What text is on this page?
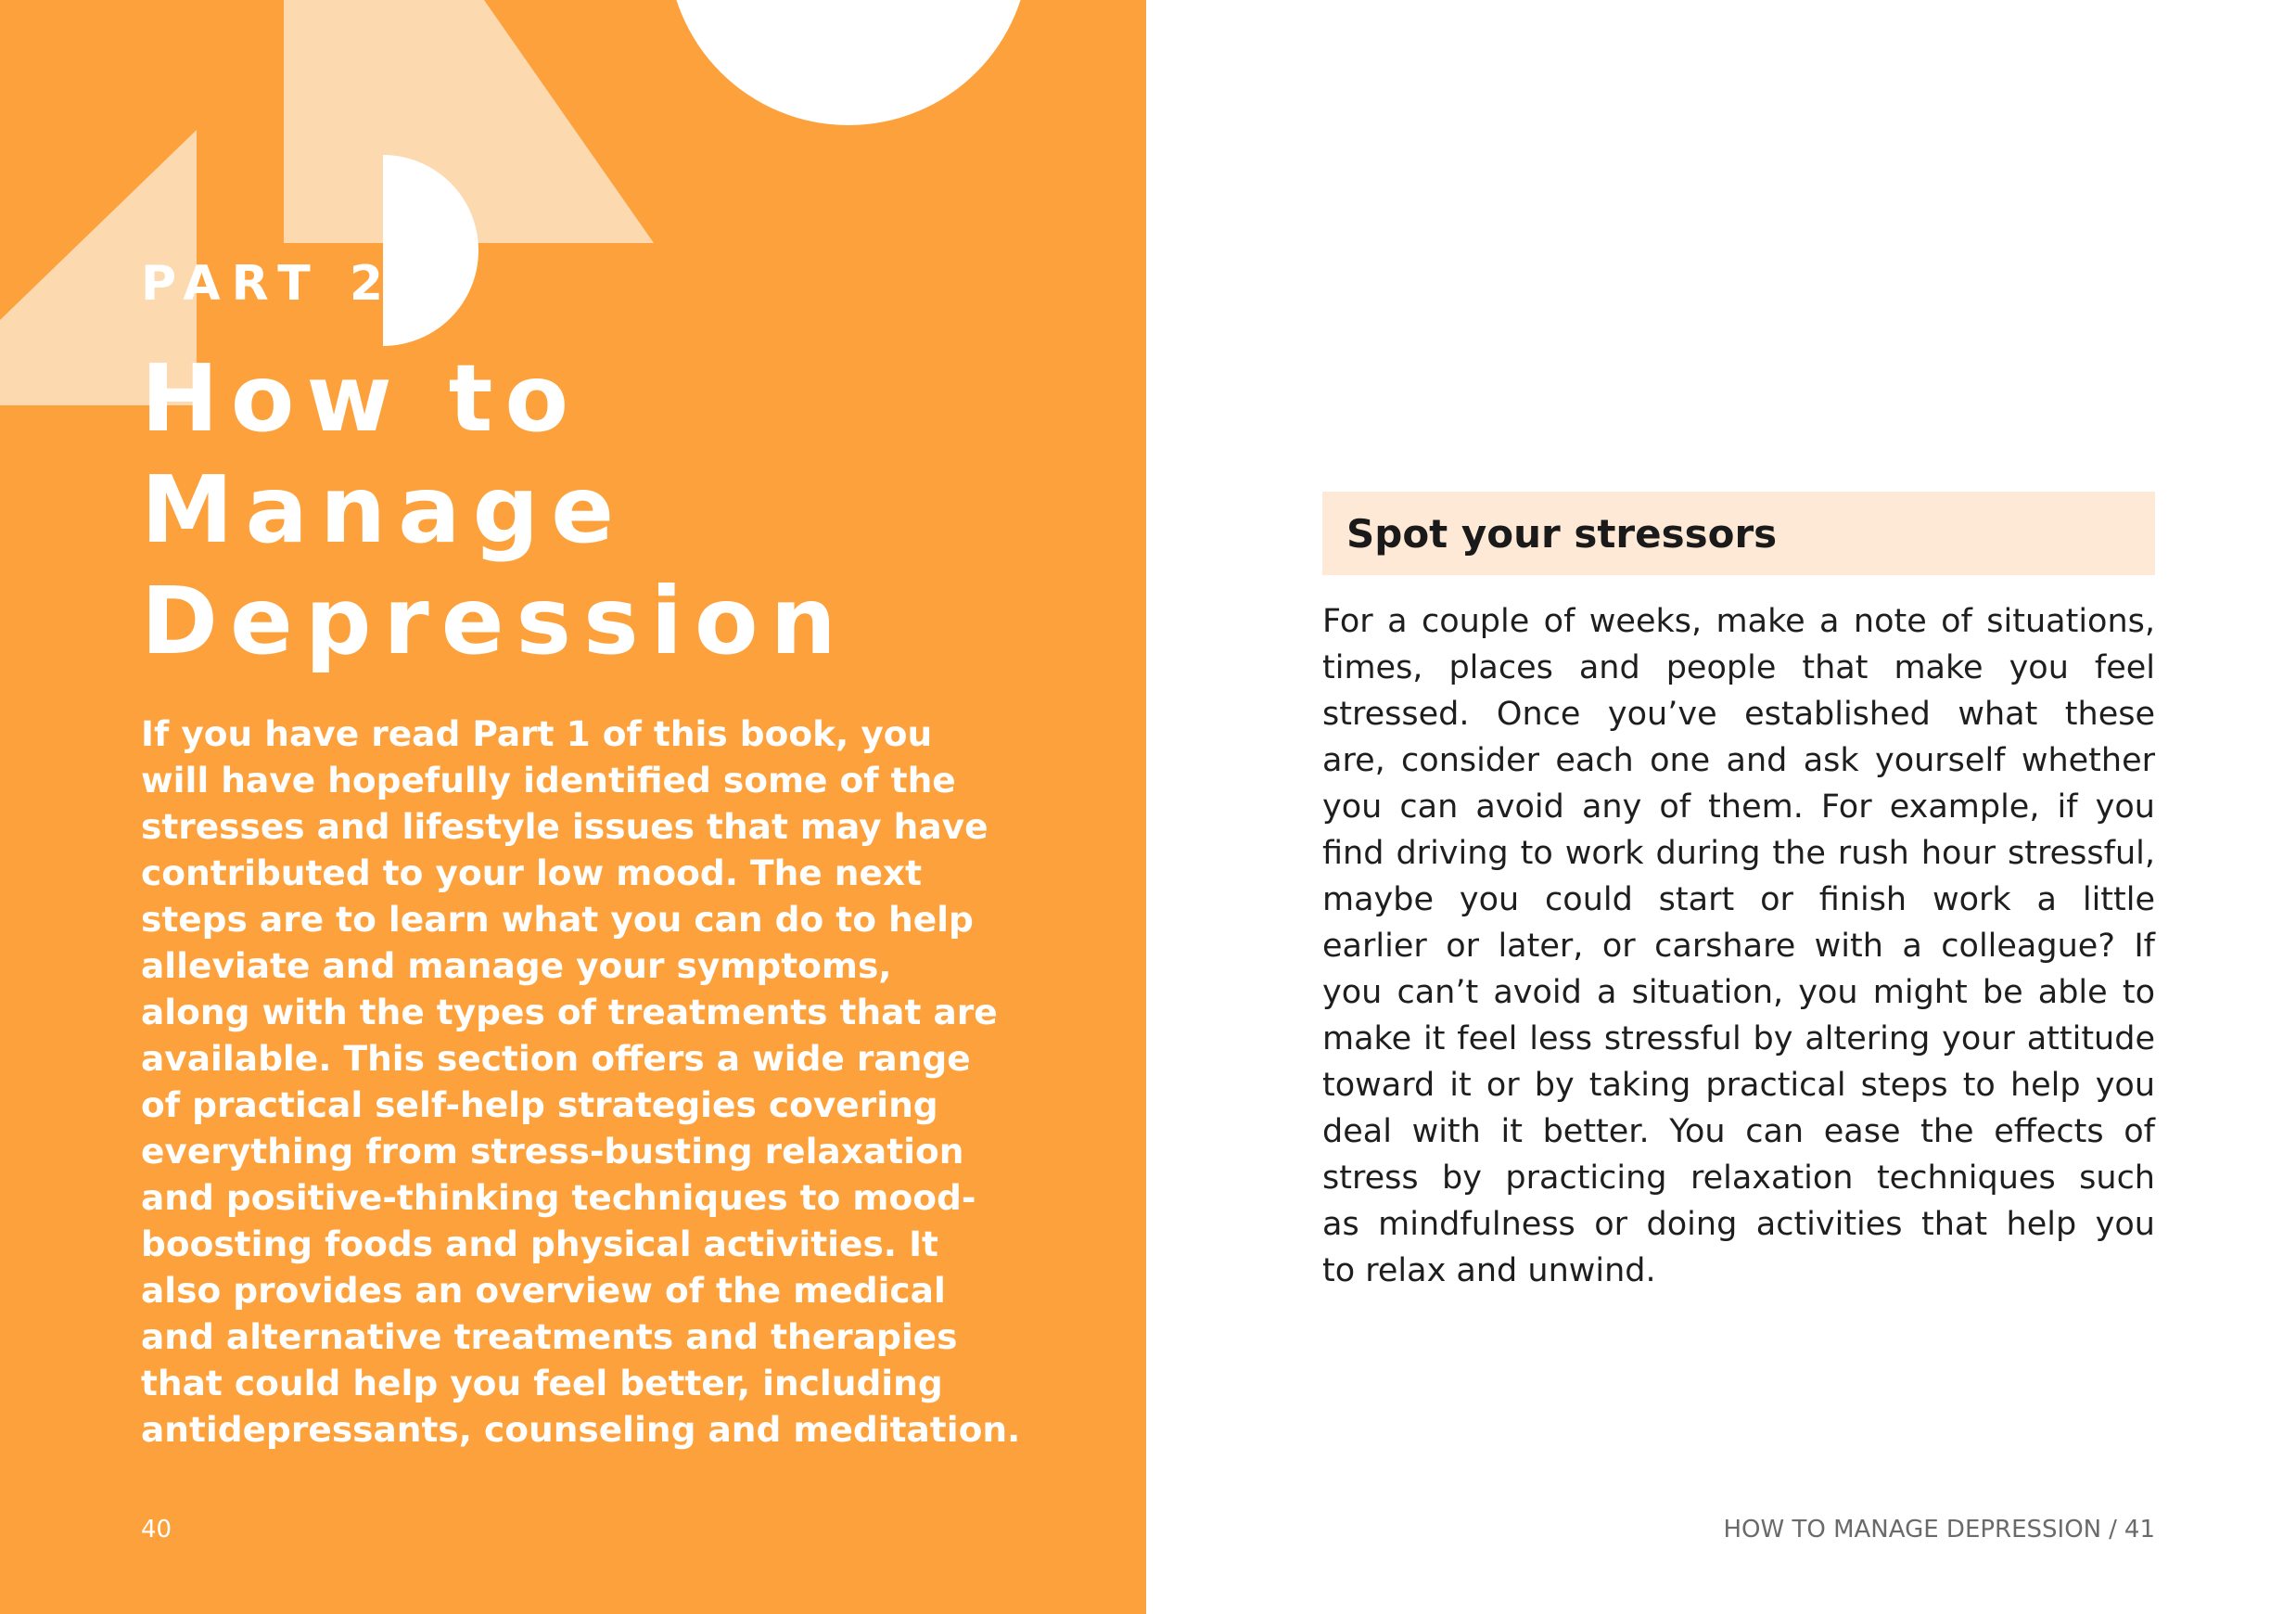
PART 2
How to
Manage
Depression
If you have read Part 1 of this book, you
will have hopefully identified some of the
stresses and lifestyle issues that may have
contributed to your low mood. The next
steps are to learn what you can do to help
alleviate and manage your symptoms,
along with the types of treatments that are
available. This section offers a wide range
of practical self-help strategies covering
everything from stress-busting relaxation
and positive-thinking techniques to mood-
boosting foods and physical activities. It
also provides an overview of the medical
and alternative treatments and therapies
that could help you feel better, including
antidepressants, counseling and meditation.
40
Spot your stressors
For a couple of weeks, make a note of situations,
times, places and people that make you feel
stressed. Once you’ve established what these
are, consider each one and ask yourself whether
you can avoid any of them. For example, if you
find driving to work during the rush hour stressful,
maybe you could start or finish work a little
earlier or later, or carshare with a colleague? If
you can’t avoid a situation, you might be able to
make it feel less stressful by altering your attitude
toward it or by taking practical steps to help you
deal with it better. You can ease the effects of
stress by practicing relaxation techniques such
as mindfulness or doing activities that help you
to relax and unwind.
HOW TO MANAGE DEPRESSION / 41
